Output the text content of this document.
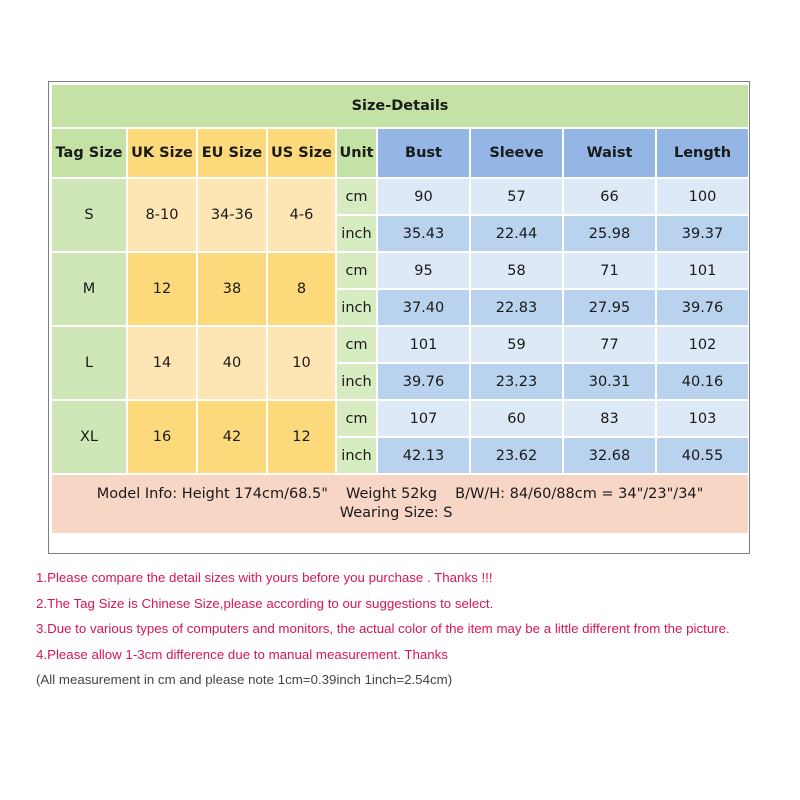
Size-Details								
Tag Size	UK Size	EU Size	US Size	Unit	Bust	Sleeve	Waist	Length
S	8-10	34-36	4-6	cm	90	57	66	100
				inch	35.43	22.44	25.98	39.37
M	12	38	8	cm	95	58	71	101
				inch	37.40	22.83	27.95	39.76
L	14	40	10	cm	101	59	77	102
				inch	39.76	23.23	30.31	40.16
XL	16	42	12	cm	107	60	83	103
				inch	42.13	23.62	32.68	40.55
Model Info: Height 174cm/68.5" Weight 52kg B/W/H: 84/60/88cm = 34"/23"/34"
Wearing Size: S								
1.Please compare the detail sizes with yours before you purchase . Thanks !!!
2.The Tag Size is Chinese Size,please according to our suggestions to select.
3.Due to various types of computers and monitors, the actual color of the item may be a little different from the picture.
4.Please allow 1-3cm difference due to manual measurement. Thanks
(All measurement in cm and please note 1cm=0.39inch 1inch=2.54cm)
